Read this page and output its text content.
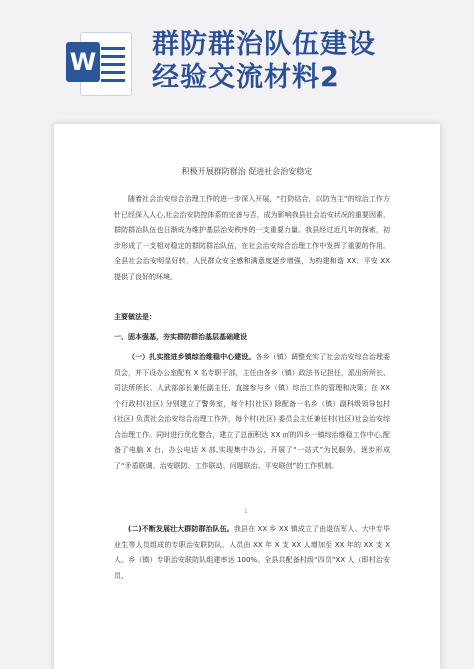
W
群防群治队伍建设
经验交流材料2
积极开展群防群治 促进社会治安稳定

随着社会治安综合治理工作的进一步深入开展，“打防结合，以防为主”的综治工作方针已经深入人心,社会治安防控体系的完善与否，成为影响我县社会治安状况的重要因素，群防群治队伍也日渐成为维护基层治安秩序的一支重要力量。我县经过近几年的探索，初步形成了一支相对稳定的群防群治队伍，在社会治安综合治理工作中发挥了重要的作用。全县社会治安明显好转，人民群众安全感和满意度逐步增强，为构建和谐 XX、平安 XX 提供了良好的环境。

主要做法是：
一、固本强基，夯实群防群治基层基础建设

（一）扎实推进乡镇综治维稳中心建设。各乡（镇）调整充实了社会治安综合治理委员会，并下设办公室配有 X 名专职干部，主任由各乡（镇）政法书记担任，派出所所长、司法所所长、人武部部长兼任副主任，直接参与乡（镇）综治工作的管理和决策；在 XX 个行政村(社区) 分别建立了警务室，每个村(社区) 除配备一名乡（镇）副科级领导包村(社区) 负责社会治安综合治理工作外，每个村(社区) 委员会主任兼任村(社区)社会治安综合治理工作。同时进行优化整合，建立了总面积达 XX ㎡的四乡一镇综治维稳工作中心,配备了电脑 X 台，办公电话 X 部,实现集中办公，开展了“一站式”为民服务，逐步形成了“矛盾联调、治安联防、工作联动、问题联治、平安联创”的工作机制。

1

(二)不断发展壮大群防群治队伍。我县在 XX 乡 XX 镇成立了由退伍军人、大中专毕业生等人员组成的专职治安联防队，人员由 XX 年 X 支 XX 人增加至 XX 年的 XX 支 X 人。乡（镇）专职治安联防队组建率达 100%。全县共配备村级“四员”XX 人（即村治安员、
